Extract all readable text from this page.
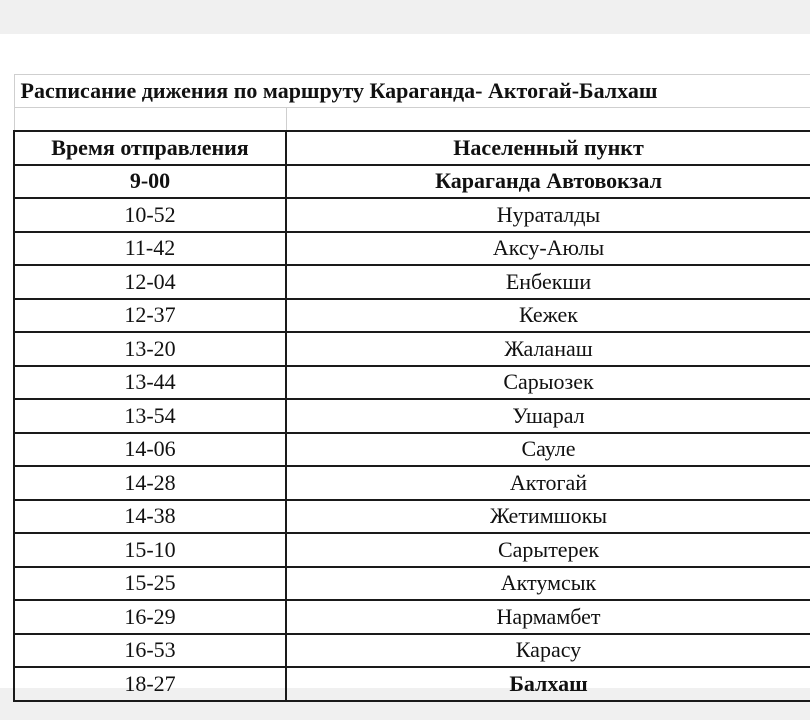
Расписание дижения по маршруту Караганда- Актогай-Балхаш	

Время отправления	Населенный пункт
9-00	Караганда Автовокзал
10-52	Нуратaлды
11-42	Аксу-Аюлы
12-04	Енбекши
12-37	Кежек
13-20	Жаланаш
13-44	Сарыозек
13-54	Ушарал
14-06	Сауле
14-28	Актогай
14-38	Жетимшокы
15-10	Сарытерек
15-25	Актумсык
16-29	Нармамбет
16-53	Карасу
18-27	Балхаш
